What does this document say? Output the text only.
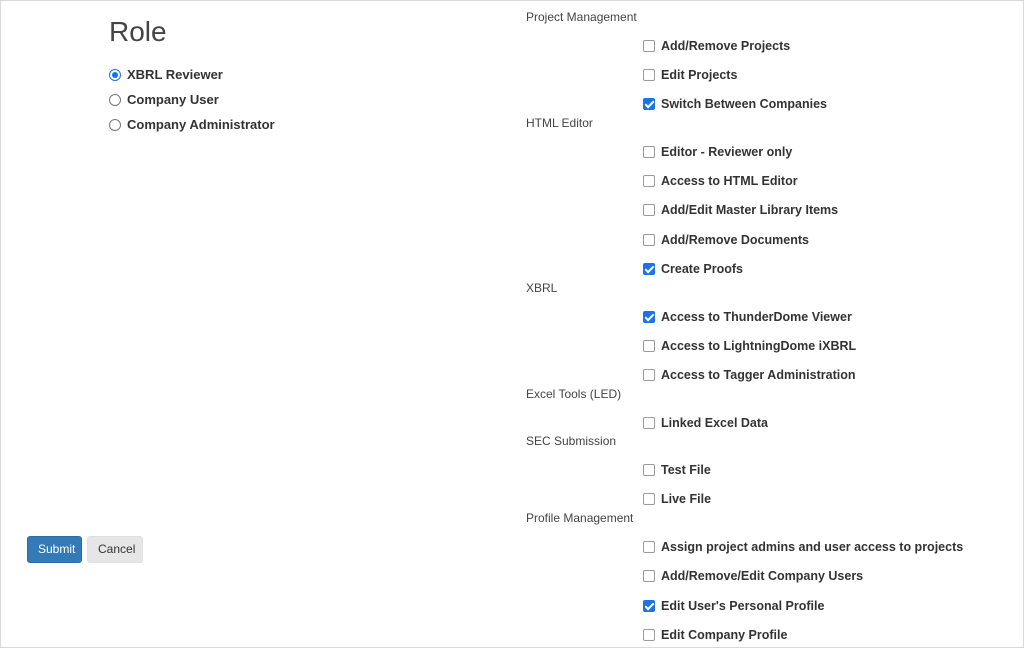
Role
XBRL Reviewer
Company User
Company Administrator
Submit	Cancel
Project Management
Add/Remove Projects
Edit Projects
Switch Between Companies
HTML Editor
Editor - Reviewer only
Access to HTML Editor
Add/Edit Master Library Items
Add/Remove Documents
Create Proofs
XBRL
Access to ThunderDome Viewer
Access to LightningDome iXBRL
Access to Tagger Administration
Excel Tools (LED)
Linked Excel Data
SEC Submission
Test File
Live File
Profile Management
Assign project admins and user access to projects
Add/Remove/Edit Company Users
Edit User's Personal Profile
Edit Company Profile
